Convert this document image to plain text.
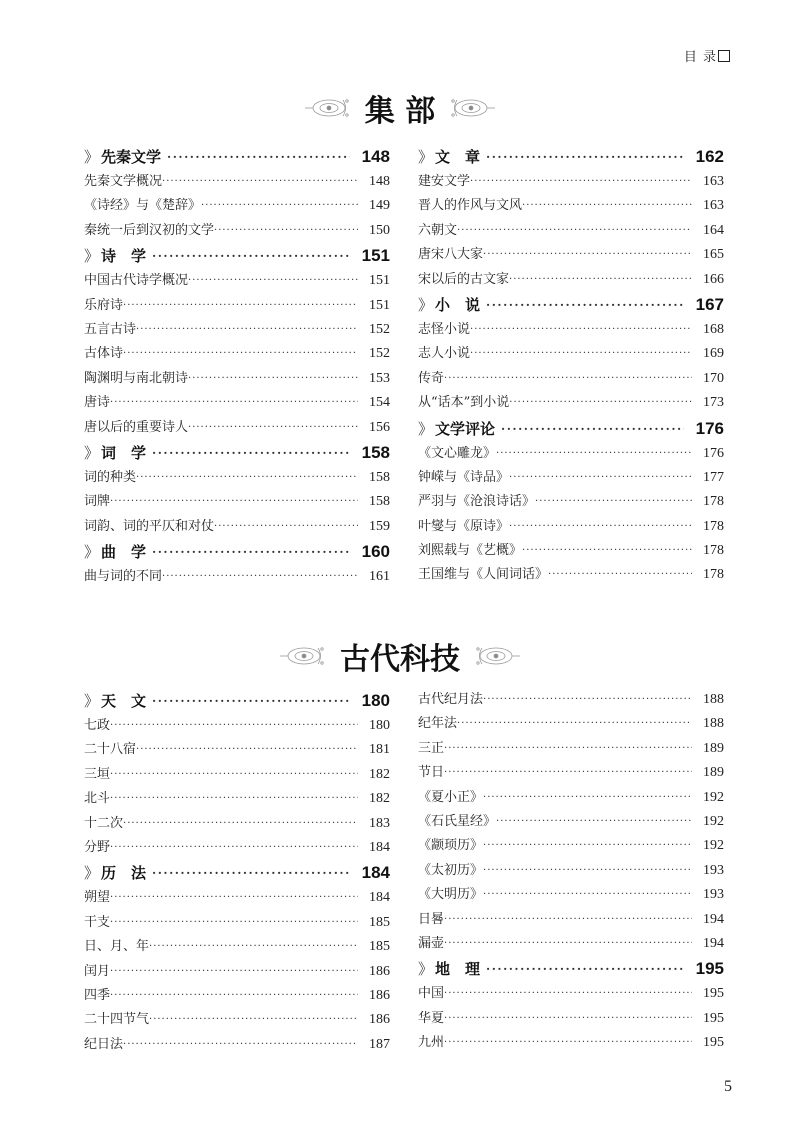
目 录
集 部
》 先秦文学 ·····	148
先秦文学概况 ·····	148
《诗经》与《楚辞》 ·····	149
秦统一后到汉初的文学 ·····	150
》 诗　学 ·····	151
中国古代诗学概况 ·····	151
乐府诗 ·····	151
五言古诗 ·····	152
古体诗 ·····	152
陶渊明与南北朝诗 ·····	153
唐诗 ·····	154
唐以后的重要诗人 ·····	156
》 词　学 ·····	158
词的种类 ·····	158
词牌 ·····	158
词韵、词的平仄和对仗 ·····	159
》 曲　学 ·····	160
曲与词的不同 ·····	161
》 文　章 ·····	162
建安文学 ·····	163
晋人的作风与文风 ·····	163
六朝文 ·····	164
唐宋八大家 ·····	165
宋以后的古文家 ·····	166
》 小　说 ·····	167
志怪小说 ·····	168
志人小说 ·····	169
传奇 ·····	170
从“话本”到小说 ·····	173
》 文学评论 ·····	176
《文心雕龙》 ·····	176
钟嵘与《诗品》 ·····	177
严羽与《沧浪诗话》 ·····	178
叶燮与《原诗》 ·····	178
刘熙载与《艺概》 ·····	178
王国维与《人间词话》 ·····	178
古代科技
》 天　文 ·····	180
七政 ·····	180
二十八宿 ·····	181
三垣 ·····	182
北斗 ·····	182
十二次 ·····	183
分野 ·····	184
》 历　法 ·····	184
朔望 ·····	184
干支 ·····	185
日、月、年 ·····	185
闰月 ·····	186
四季 ·····	186
二十四节气 ·····	186
纪日法 ·····	187
古代纪月法 ·····	188
纪年法 ·····	188
三正 ·····	189
节日 ·····	189
《夏小正》 ·····	192
《石氏星经》 ·····	192
《颛顼历》 ·····	192
《太初历》 ·····	193
《大明历》 ·····	193
日晷 ·····	194
漏壶 ·····	194
》 地　理 ·····	195
中国 ·····	195
华夏 ·····	195
九州 ·····	195
5
